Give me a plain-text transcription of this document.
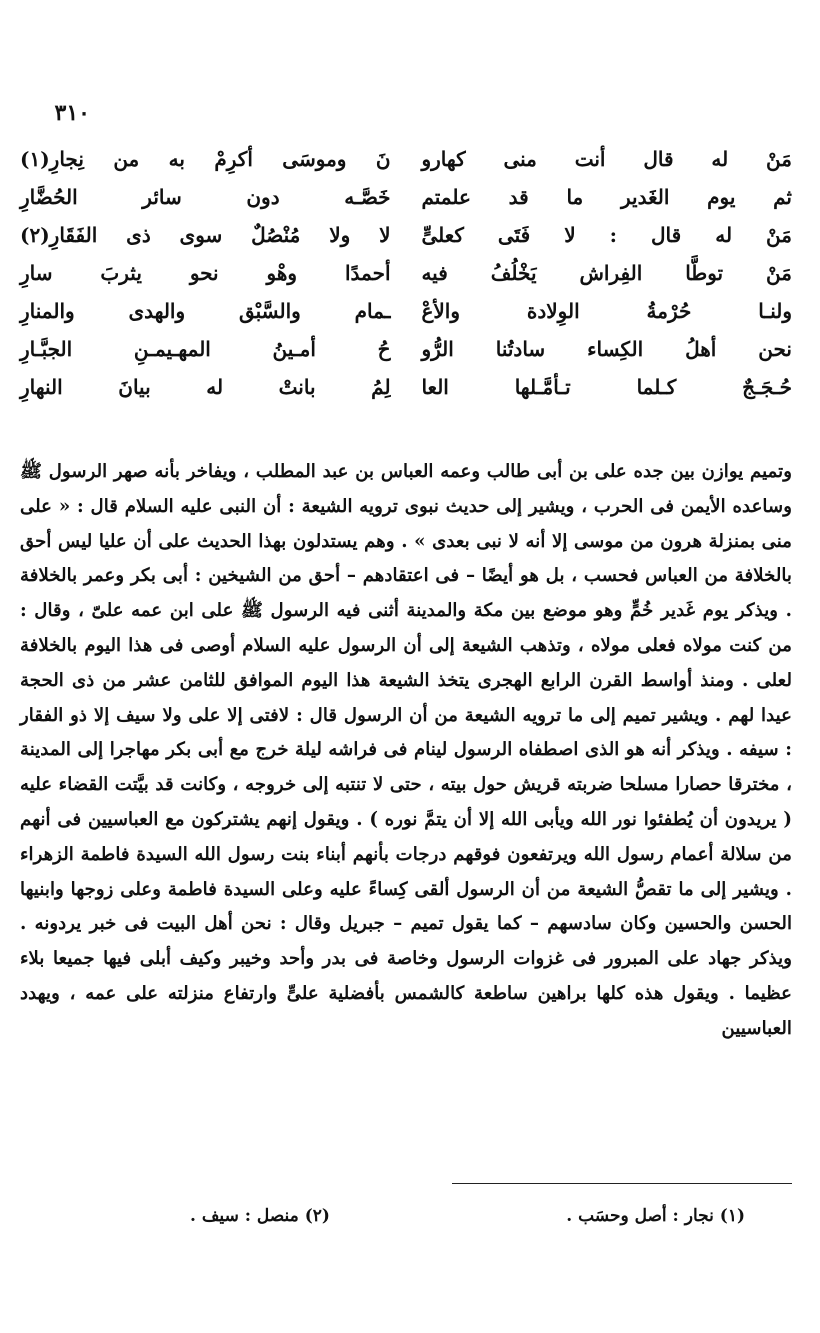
٣١٠
مَنْ له قال أنت منى كهارو
نَ وموسَى أكرِمْ به من نِجارِ(١)
ثم يوم الغَدير ما قد علمتم
خَصَّـه دون سائر الحُضَّارِ
مَنْ له قال : لا فَتَى كعلىٍّ
لا ولا مُنْصُلٌ سوى ذى الفَقَارِ(٢)
مَنْ توطَّا الفِراش يَخْلُفُ فيه
أحمدًا وهْو نحو يثربَ سارِ
ولنـا حُرْمةُ الوِلادة والأعْ
ـمام والسَّبْق والهدى والمنارِ
نحن أهلُ الكِساء سادتُنا الرُّو
حُ أمـينُ المهـيمـنِ الجبَّـارِ
حُـجَـجٌ كـلما تـأمَّـلها العا
لِمُ بانتْ له بيانَ النهارِ

وتميم يوازن بين جده على بن أبى طالب وعمه العباس بن عبد المطلب ، ويفاخر بأنه صهر الرسول ﷺ وساعده الأيمن فى الحرب ، ويشير إلى حديث نبوى ترويه الشيعة : أن النبى عليه السلام قال : « على منى بمنزلة هرون من موسى إلا أنه لا نبى بعدى » . وهم يستدلون بهذا الحديث على أن عليا ليس أحق بالخلافة من العباس فحسب ، بل هو أيضًا – فى اعتقادهم – أحق من الشيخين : أبى بكر وعمر بالخلافة . ويذكر يوم غَدير خُمٍّ وهو موضع بين مكة والمدينة أثنى فيه الرسول ﷺ على ابن عمه علىّ ، وقال : من كنت مولاه فعلى مولاه ، وتذهب الشيعة إلى أن الرسول عليه السلام أوصى فى هذا اليوم بالخلافة لعلى . ومنذ أواسط القرن الرابع الهجرى يتخذ الشيعة هذا اليوم الموافق للثامن عشر من ذى الحجة عيدا لهم . ويشير تميم إلى ما ترويه الشيعة من أن الرسول قال : لافتى إلا على ولا سيف إلا ذو الفقار : سيفه . ويذكر أنه هو الذى اصطفاه الرسول لينام فى فراشه ليلة خرج مع أبى بكر مهاجرا إلى المدينة ، مخترقا حصارا مسلحا ضربته قريش حول بيته ، حتى لا تنتبه إلى خروجه ، وكانت قد بيَّتت القضاء عليه ( يريدون أن يُطفئوا نور الله ويأبى الله إلا أن يتمَّ نوره ) . ويقول إنهم يشتركون مع العباسيين فى أنهم من سلالة أعمام رسول الله ويرتفعون فوقهم درجات بأنهم أبناء بنت رسول الله السيدة فاطمة الزهراء . ويشير إلى ما تقصُّ الشيعة من أن الرسول ألقى كِساءً عليه وعلى السيدة فاطمة وعلى زوجها وابنيها الحسن والحسين وكان سادسهم – كما يقول تميم – جبريل وقال : نحن أهل البيت فى خبر يردونه . ويذكر جهاد على المبرور فى غزوات الرسول وخاصة فى بدر وأحد وخيبر وكيف أبلى فيها جميعا بلاء عظيما . ويقول هذه كلها براهين ساطعة كالشمس بأفضلية علىٍّ وارتفاع منزلته على عمه ، ويهدد العباسيين

(١) نجار : أصل وحسَب .
(٢) منصل : سيف .
